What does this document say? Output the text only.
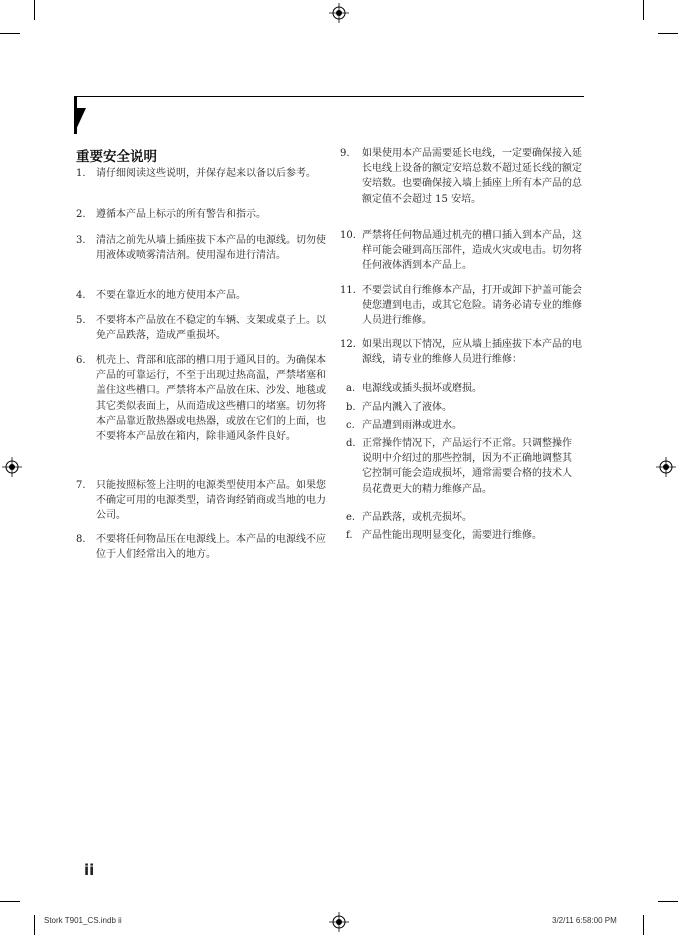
重要安全说明
1.	请仔细阅读这些说明，并保存起来以备以后参考。
2.	遵循本产品上标示的所有警告和指示。
3.	清洁之前先从墙上插座拔下本产品的电源线。切勿使用液体或喷雾清洁剂。使用湿布进行清洁。
4.	不要在靠近水的地方使用本产品。
5.	不要将本产品放在不稳定的车辆、支架或桌子上。以免产品跌落，造成严重损坏。
6.	机壳上、背部和底部的槽口用于通风目的。为确保本产品的可靠运行，不至于出现过热高温，严禁堵塞和盖住这些槽口。严禁将本产品放在床、沙发、地毯或其它类似表面上，从而造成这些槽口的堵塞。切勿将本产品靠近散热器或电热器，或放在它们的上面，也不要将本产品放在箱内，除非通风条件良好。
7.	只能按照标签上注明的电源类型使用本产品。如果您不确定可用的电源类型，请咨询经销商或当地的电力公司。
8.	不要将任何物品压在电源线上。本产品的电源线不应位于人们经常出入的地方。
9. 如果使用本产品需要延长电线，一定要确保接入延长电线上设备的额定安培总数不超过延长线的额定安培数。也要确保接入墙上插座上所有本产品的总额定值不会超过 15 安培。
10. 严禁将任何物品通过机壳的槽口插入到本产品，这样可能会碰到高压部件，造成火灾或电击。切勿将任何液体洒到本产品上。
11. 不要尝试自行维修本产品，打开或卸下护盖可能会使您遭到电击，或其它危险。请务必请专业的维修人员进行维修。
12. 如果出现以下情况，应从墙上插座拔下本产品的电源线，请专业的维修人员进行维修：
a. 电源线或插头损坏或磨损。
b. 产品内溅入了液体。
c. 产品遭到雨淋或进水。
d. 正常操作情况下，产品运行不正常。只调整操作说明中介绍过的那些控制，因为不正确地调整其它控制可能会造成损坏，通常需要合格的技术人员花费更大的精力维修产品。
e. 产品跌落，或机壳损坏。
f. 产品性能出现明显变化，需要进行维修。
ii
Stork T901_CS.indb ii	3/2/11 6:58:00 PM
